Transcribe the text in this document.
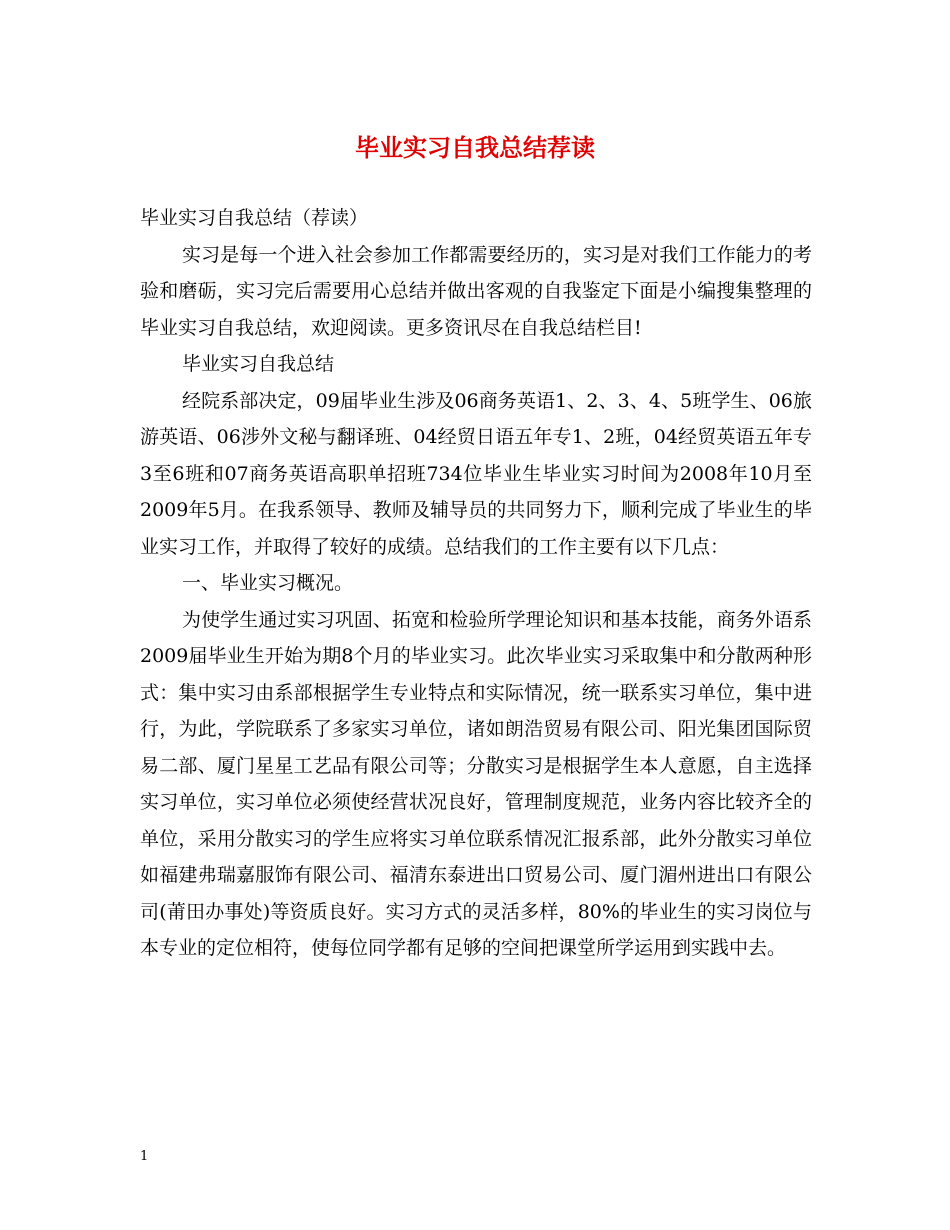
毕业实习自我总结荐读

毕业实习自我总结（荐读）

实习是每一个进入社会参加工作都需要经历的，实习是对我们工作能力的考验和磨砺，实习完后需要用心总结并做出客观的自我鉴定下面是小编搜集整理的毕业实习自我总结，欢迎阅读。更多资讯尽在自我总结栏目!

毕业实习自我总结

经院系部决定，09届毕业生涉及06商务英语1、2、3、4、5班学生、06旅游英语、06涉外文秘与翻译班、04经贸日语五年专1、2班，04经贸英语五年专3至6班和07商务英语高职单招班734位毕业生毕业实习时间为2008年10月至2009年5月。在我系领导、教师及辅导员的共同努力下，顺利完成了毕业生的毕业实习工作，并取得了较好的成绩。总结我们的工作主要有以下几点：

一、毕业实习概况。

为使学生通过实习巩固、拓宽和检验所学理论知识和基本技能，商务外语系2009届毕业生开始为期8个月的毕业实习。此次毕业实习采取集中和分散两种形式：集中实习由系部根据学生专业特点和实际情况，统一联系实习单位，集中进行，为此，学院联系了多家实习单位，诸如朗浩贸易有限公司、阳光集团国际贸易二部、厦门星星工艺品有限公司等；分散实习是根据学生本人意愿，自主选择实习单位，实习单位必须使经营状况良好，管理制度规范，业务内容比较齐全的单位，采用分散实习的学生应将实习单位联系情况汇报系部，此外分散实习单位如福建弗瑞嘉服饰有限公司、福清东泰进出口贸易公司、厦门湄州进出口有限公司(莆田办事处)等资质良好。实习方式的灵活多样，80%的毕业生的实习岗位与本专业的定位相符，使每位同学都有足够的空间把课堂所学运用到实践中去。

1
